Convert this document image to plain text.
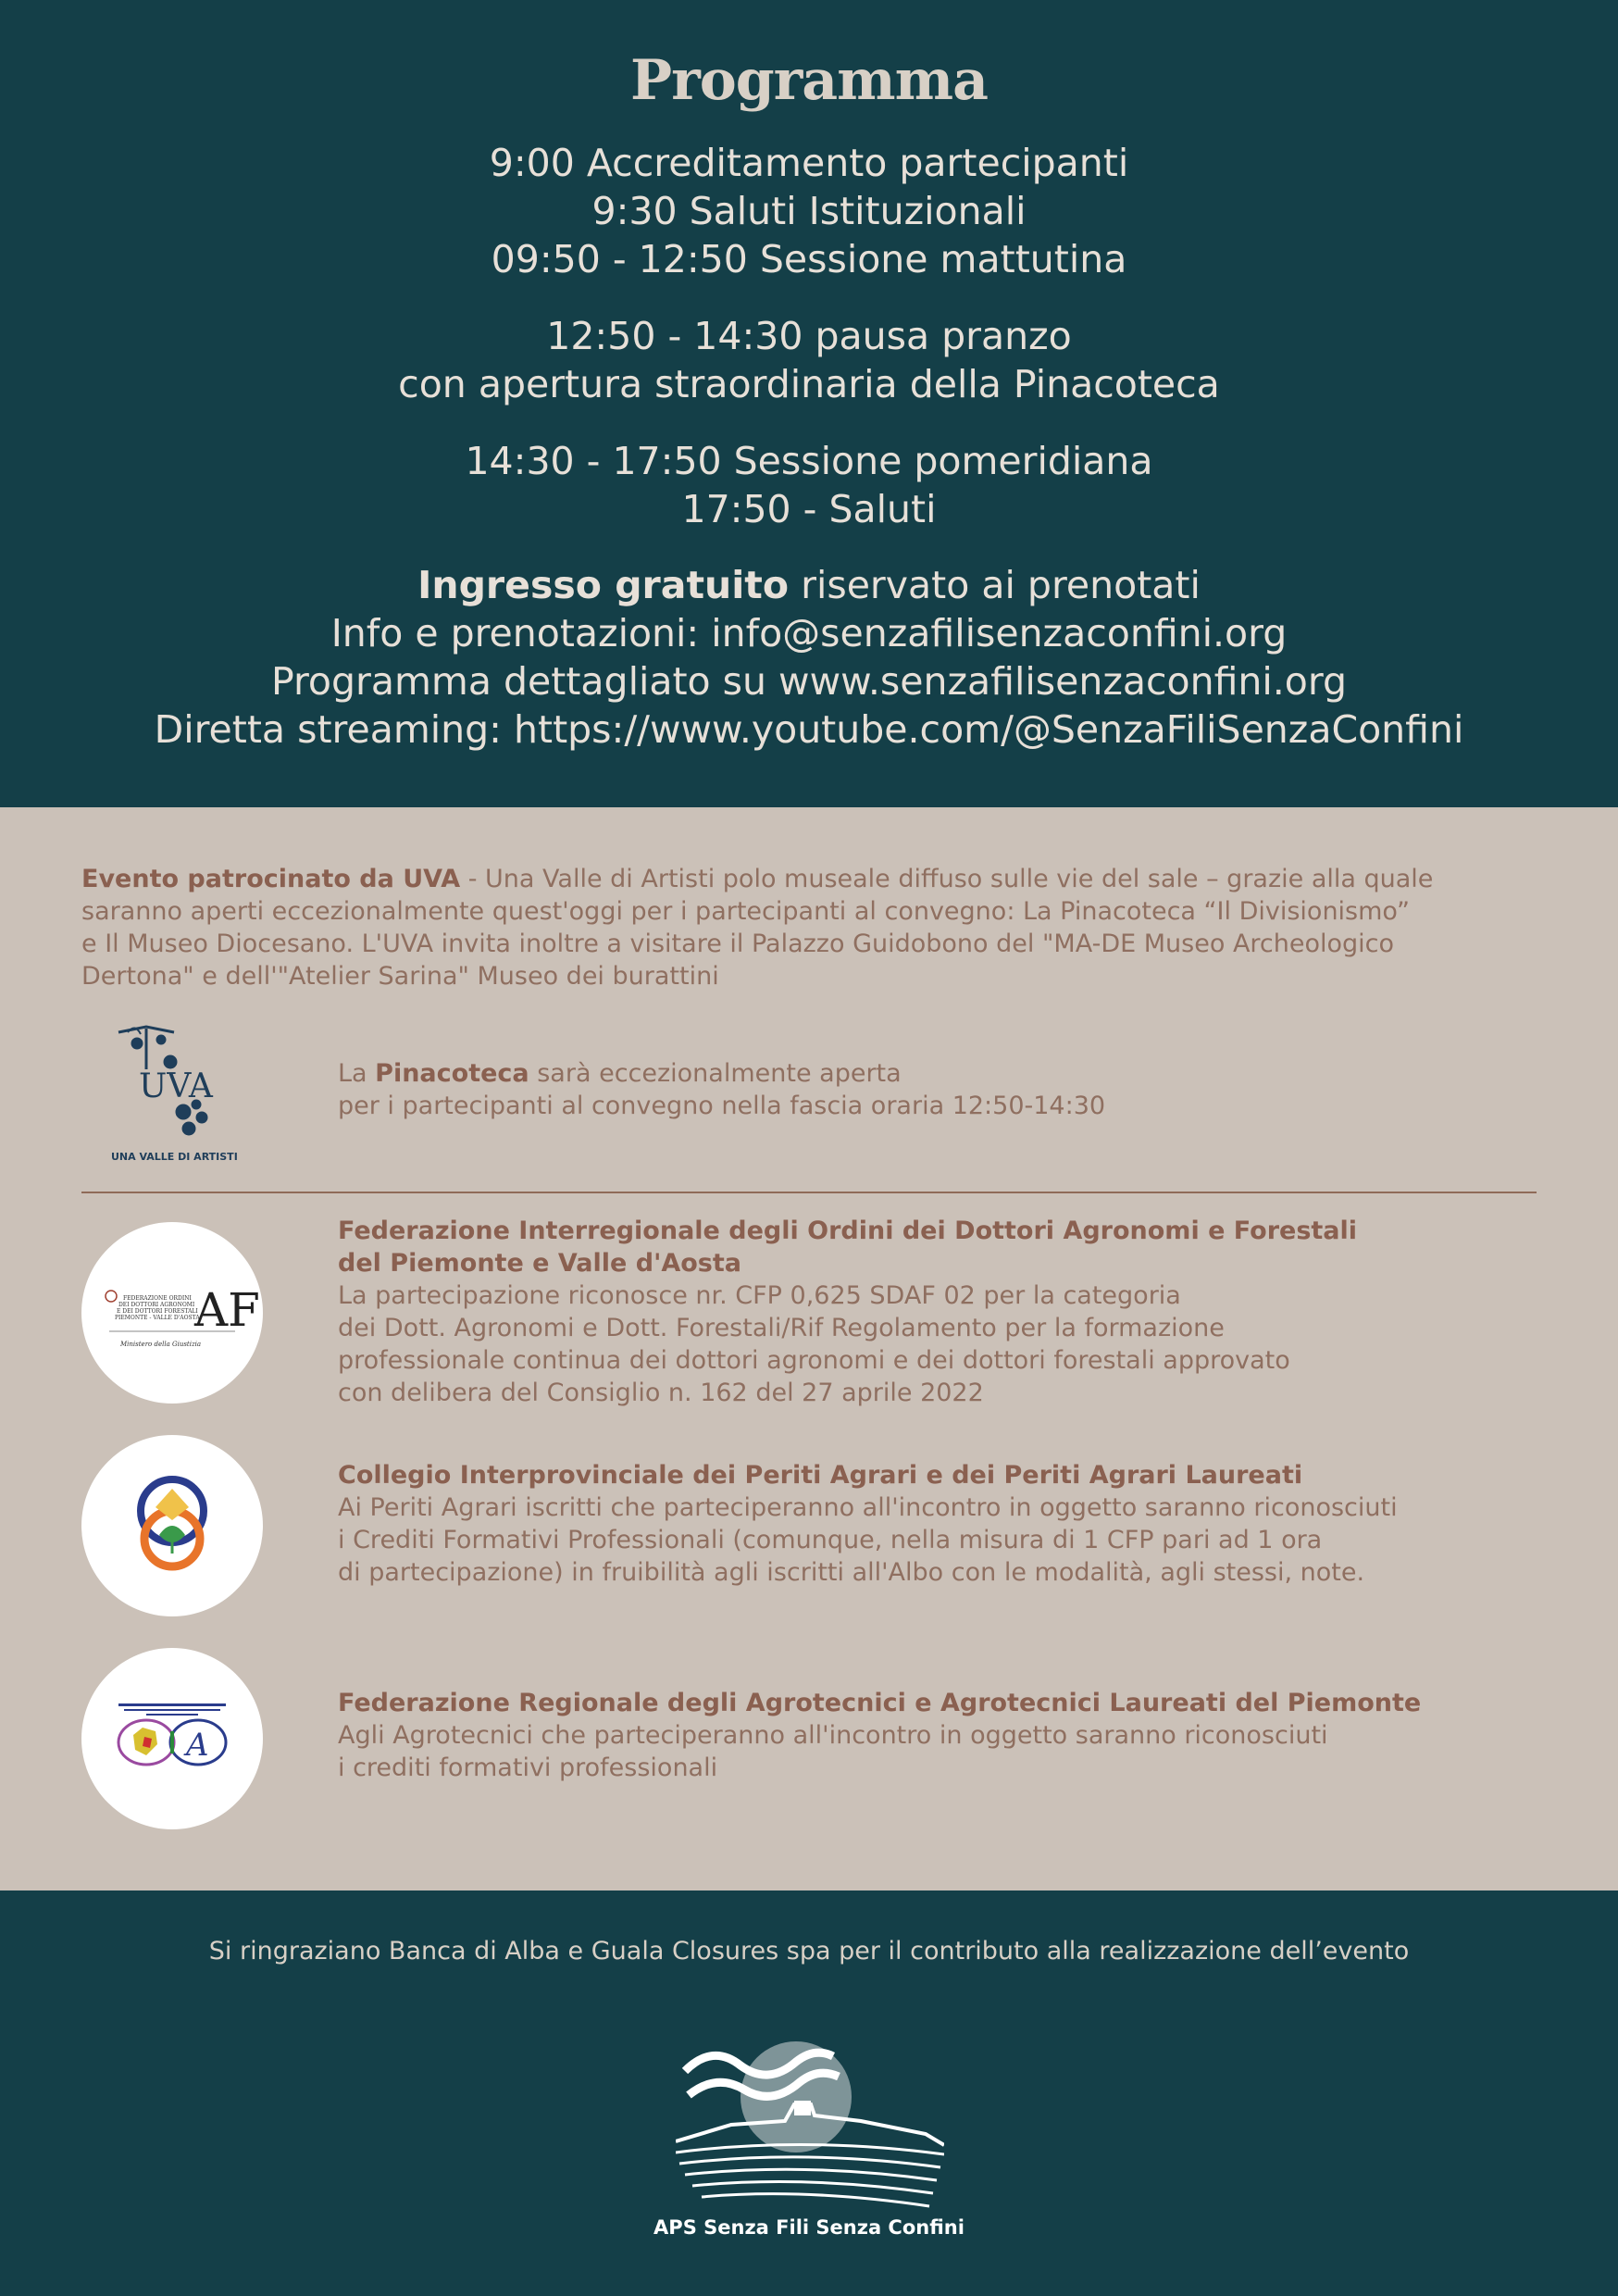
Programma
9:00 Accreditamento partecipanti
9:30 Saluti Istituzionali
09:50 - 12:50 Sessione mattutina
12:50 - 14:30 pausa pranzo
con apertura straordinaria della Pinacoteca
14:30 - 17:50 Sessione pomeridiana
17:50 - Saluti
Ingresso gratuito riservato ai prenotati
Info e prenotazioni: info@senzafilisenzaconfini.org
Programma dettagliato su www.senzafilisenzaconfini.org
Diretta streaming: https://www.youtube.com/@SenzaFiliSenzaConfini
Evento patrocinato da UVA - Una Valle di Artisti polo museale diffuso sulle vie del sale – grazie alla quale
saranno aperti eccezionalmente quest'oggi per i partecipanti al convegno: La Pinacoteca “Il Divisionismo”
e Il Museo Diocesano. L'UVA invita inoltre a visitare il Palazzo Guidobono del "MA-DE Museo Archeologico
Dertona" e dell'"Atelier Sarina" Museo dei burattini
UVA
UNA VALLE DI ARTISTI
La Pinacoteca sarà eccezionalmente aperta
per i partecipanti al convegno nella fascia oraria 12:50-14:30
FEDERAZIONE ORDINI
DEI DOTTORI AGRONOMI
E DEI DOTTORI FORESTALI
PIEMONTE - VALLE D'AOSTA
AF
Ministero della Giustizia
Federazione Interregionale degli Ordini dei Dottori Agronomi e Forestali
del Piemonte e Valle d'Aosta
La partecipazione riconosce nr. CFP 0,625 SDAF 02 per la categoria
dei Dott. Agronomi e Dott. Forestali/Rif Regolamento per la formazione
professionale continua dei dottori agronomi e dei dottori forestali approvato
con delibera del Consiglio n. 162 del 27 aprile 2022
Collegio Interprovinciale dei Periti Agrari e dei Periti Agrari Laureati
Ai Periti Agrari iscritti che parteciperanno all'incontro in oggetto saranno riconosciuti
i Crediti Formativi Professionali (comunque, nella misura di 1 CFP pari ad 1 ora
di partecipazione) in fruibilità agli iscritti all'Albo con le modalità, agli stessi, note.
A
Federazione Regionale degli Agrotecnici e Agrotecnici Laureati del Piemonte
Agli Agrotecnici che parteciperanno all'incontro in oggetto saranno riconosciuti
i crediti formativi professionali
Si ringraziano Banca di Alba e Guala Closures spa per il contributo alla realizzazione dell’evento
APS Senza Fili Senza Confini
